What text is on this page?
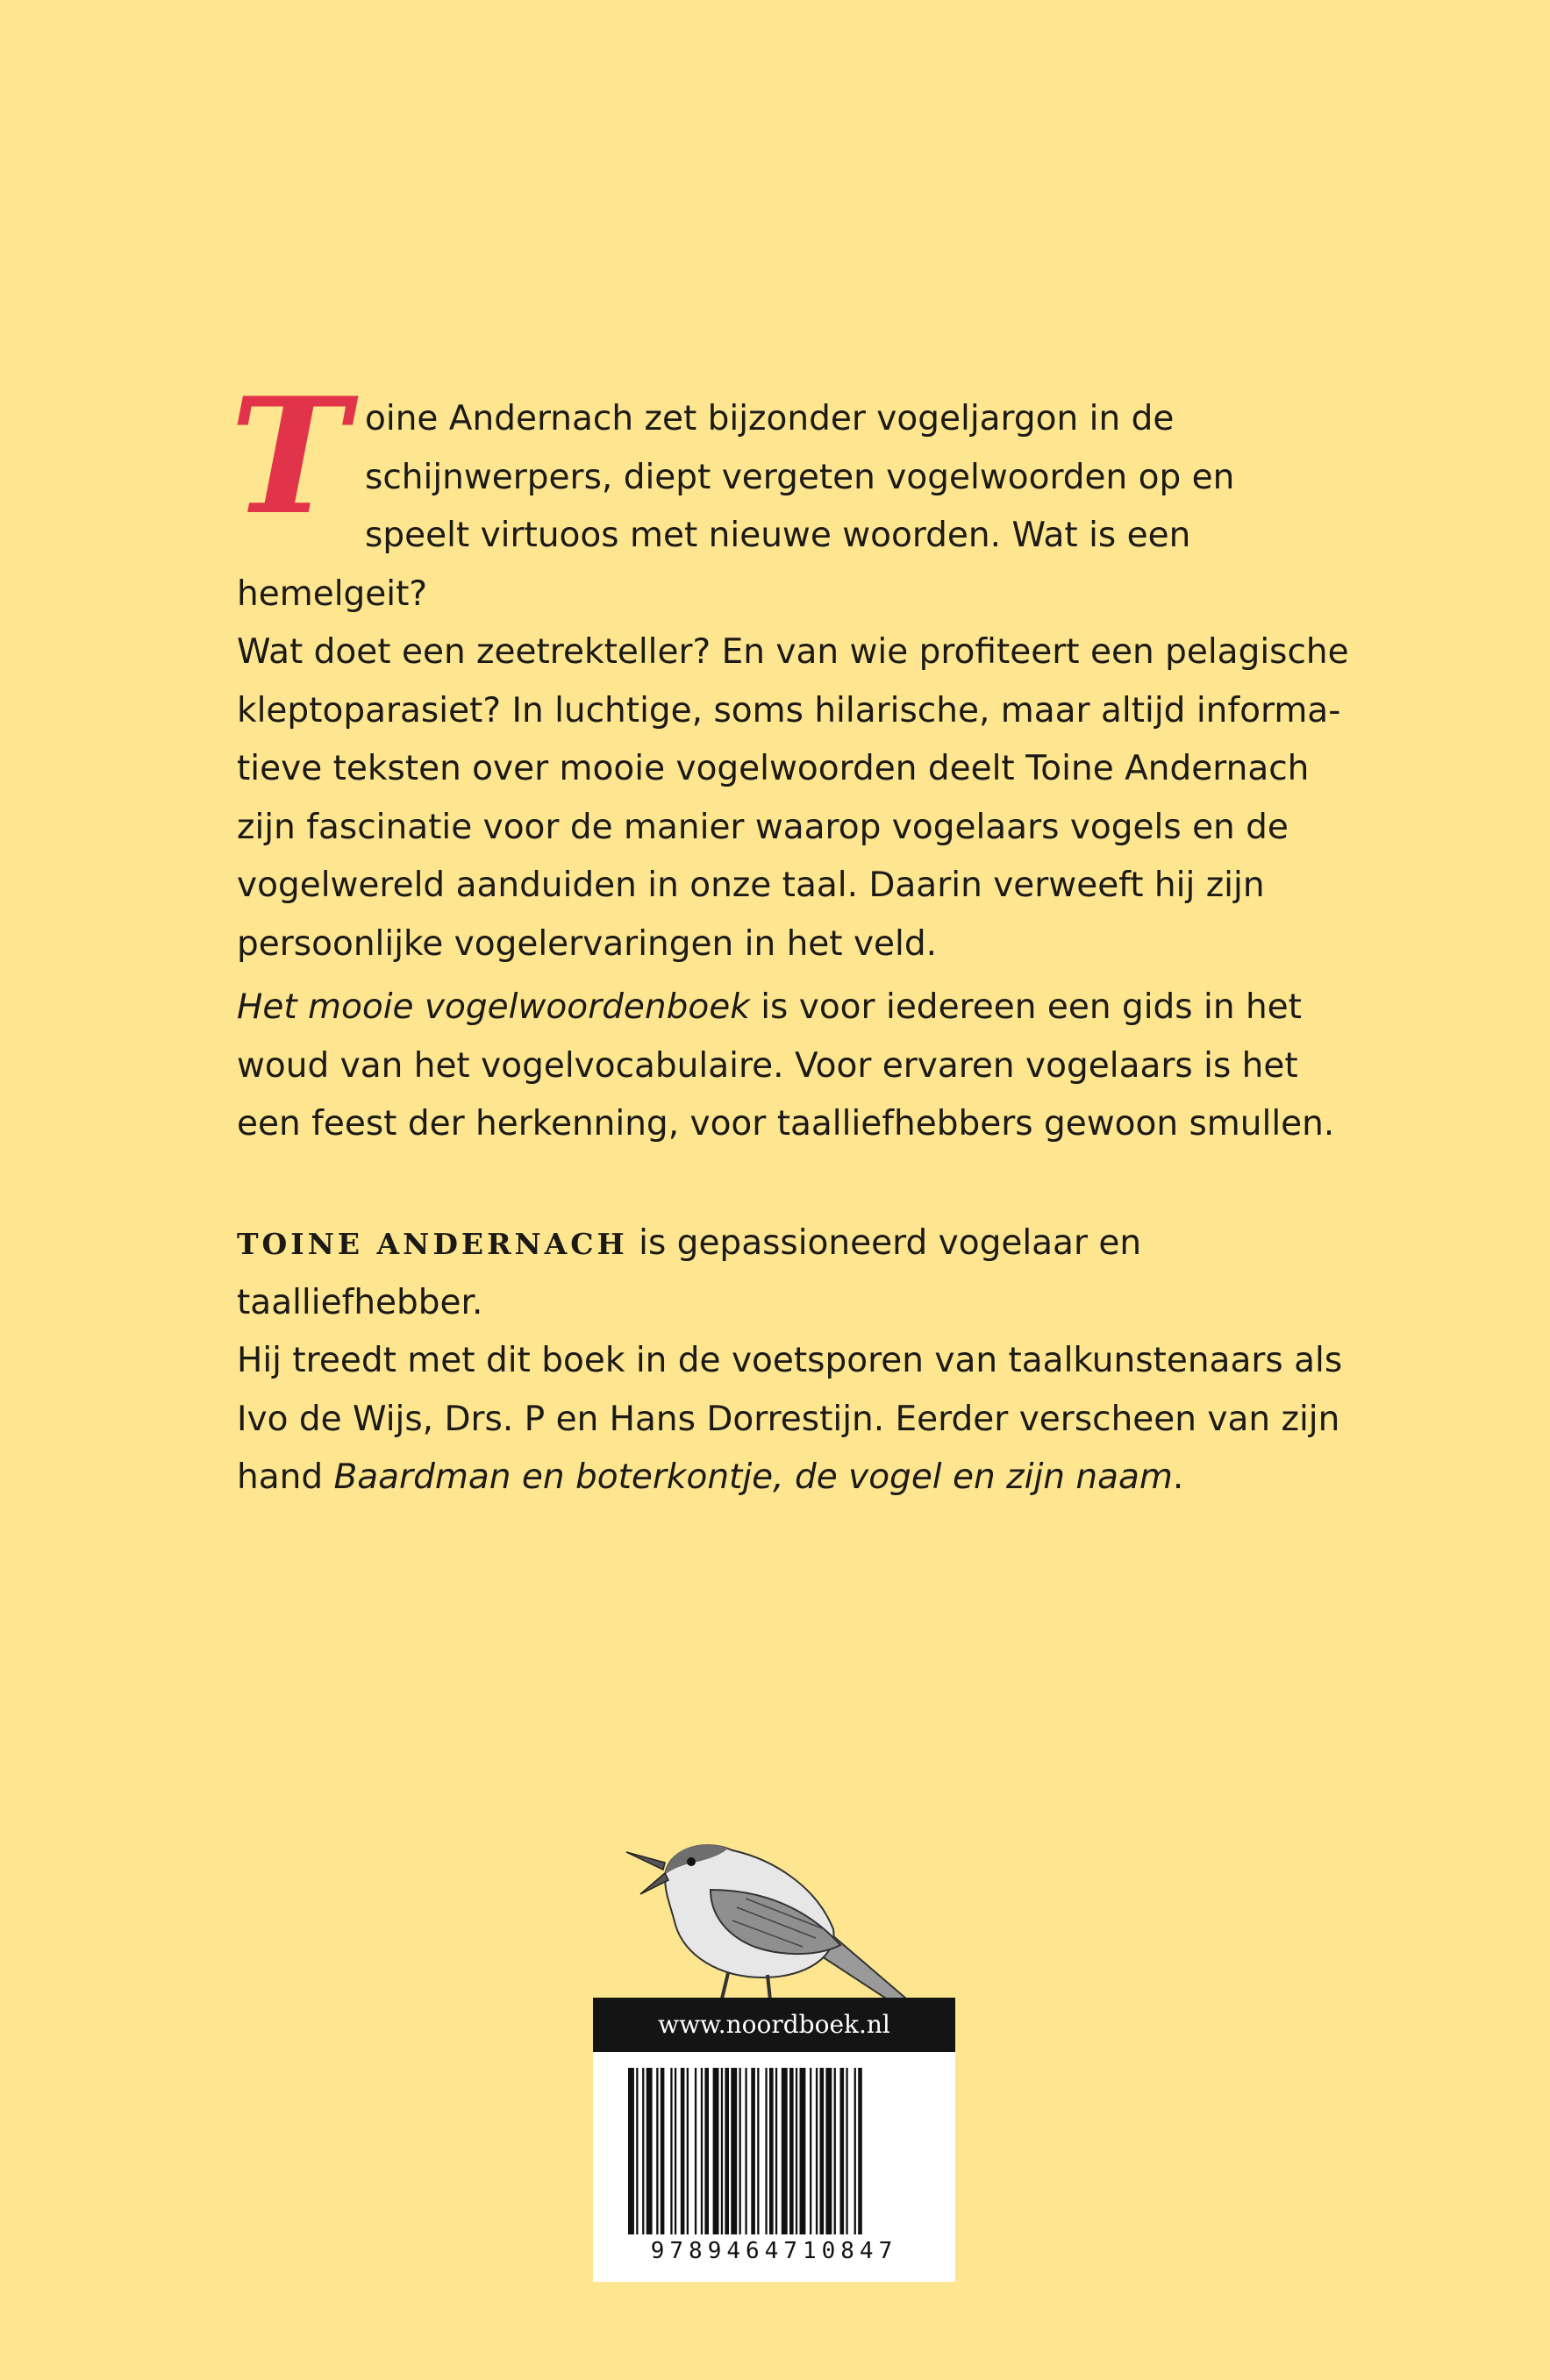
T oine Andernach zet bijzonder vogeljargon in de

schijnwerpers, diept vergeten vogelwoorden op en

speelt virtuoos met nieuwe woorden. Wat is een hemelgeit?

Wat doet een zeetrekteller? En van wie profiteert een pelagische

kleptoparasiet? In luchtige, soms hilarische, maar altijd informa-

tieve teksten over mooie vogelwoorden deelt Toine Andernach

zijn fascinatie voor de manier waarop vogelaars vogels en de

vogelwereld aanduiden in onze taal. Daarin verweeft hij zijn

persoonlijke vogelervaringen in het veld.

Het mooie vogelwoordenboek is voor iedereen een gids in het

woud van het vogelvocabulaire. Voor ervaren vogelaars is het

een feest der herkenning, voor taalliefhebbers gewoon smullen.

TOINE ANDERNACH is gepassioneerd vogelaar en taalliefhebber.

Hij treedt met dit boek in de voetsporen van taalkunstenaars als

Ivo de Wijs, Drs. P en Hans Dorrestijn. Eerder verscheen van zijn

hand Baardman en boterkontje, de vogel en zijn naam.

www.noordboek.nl
9789464710847
